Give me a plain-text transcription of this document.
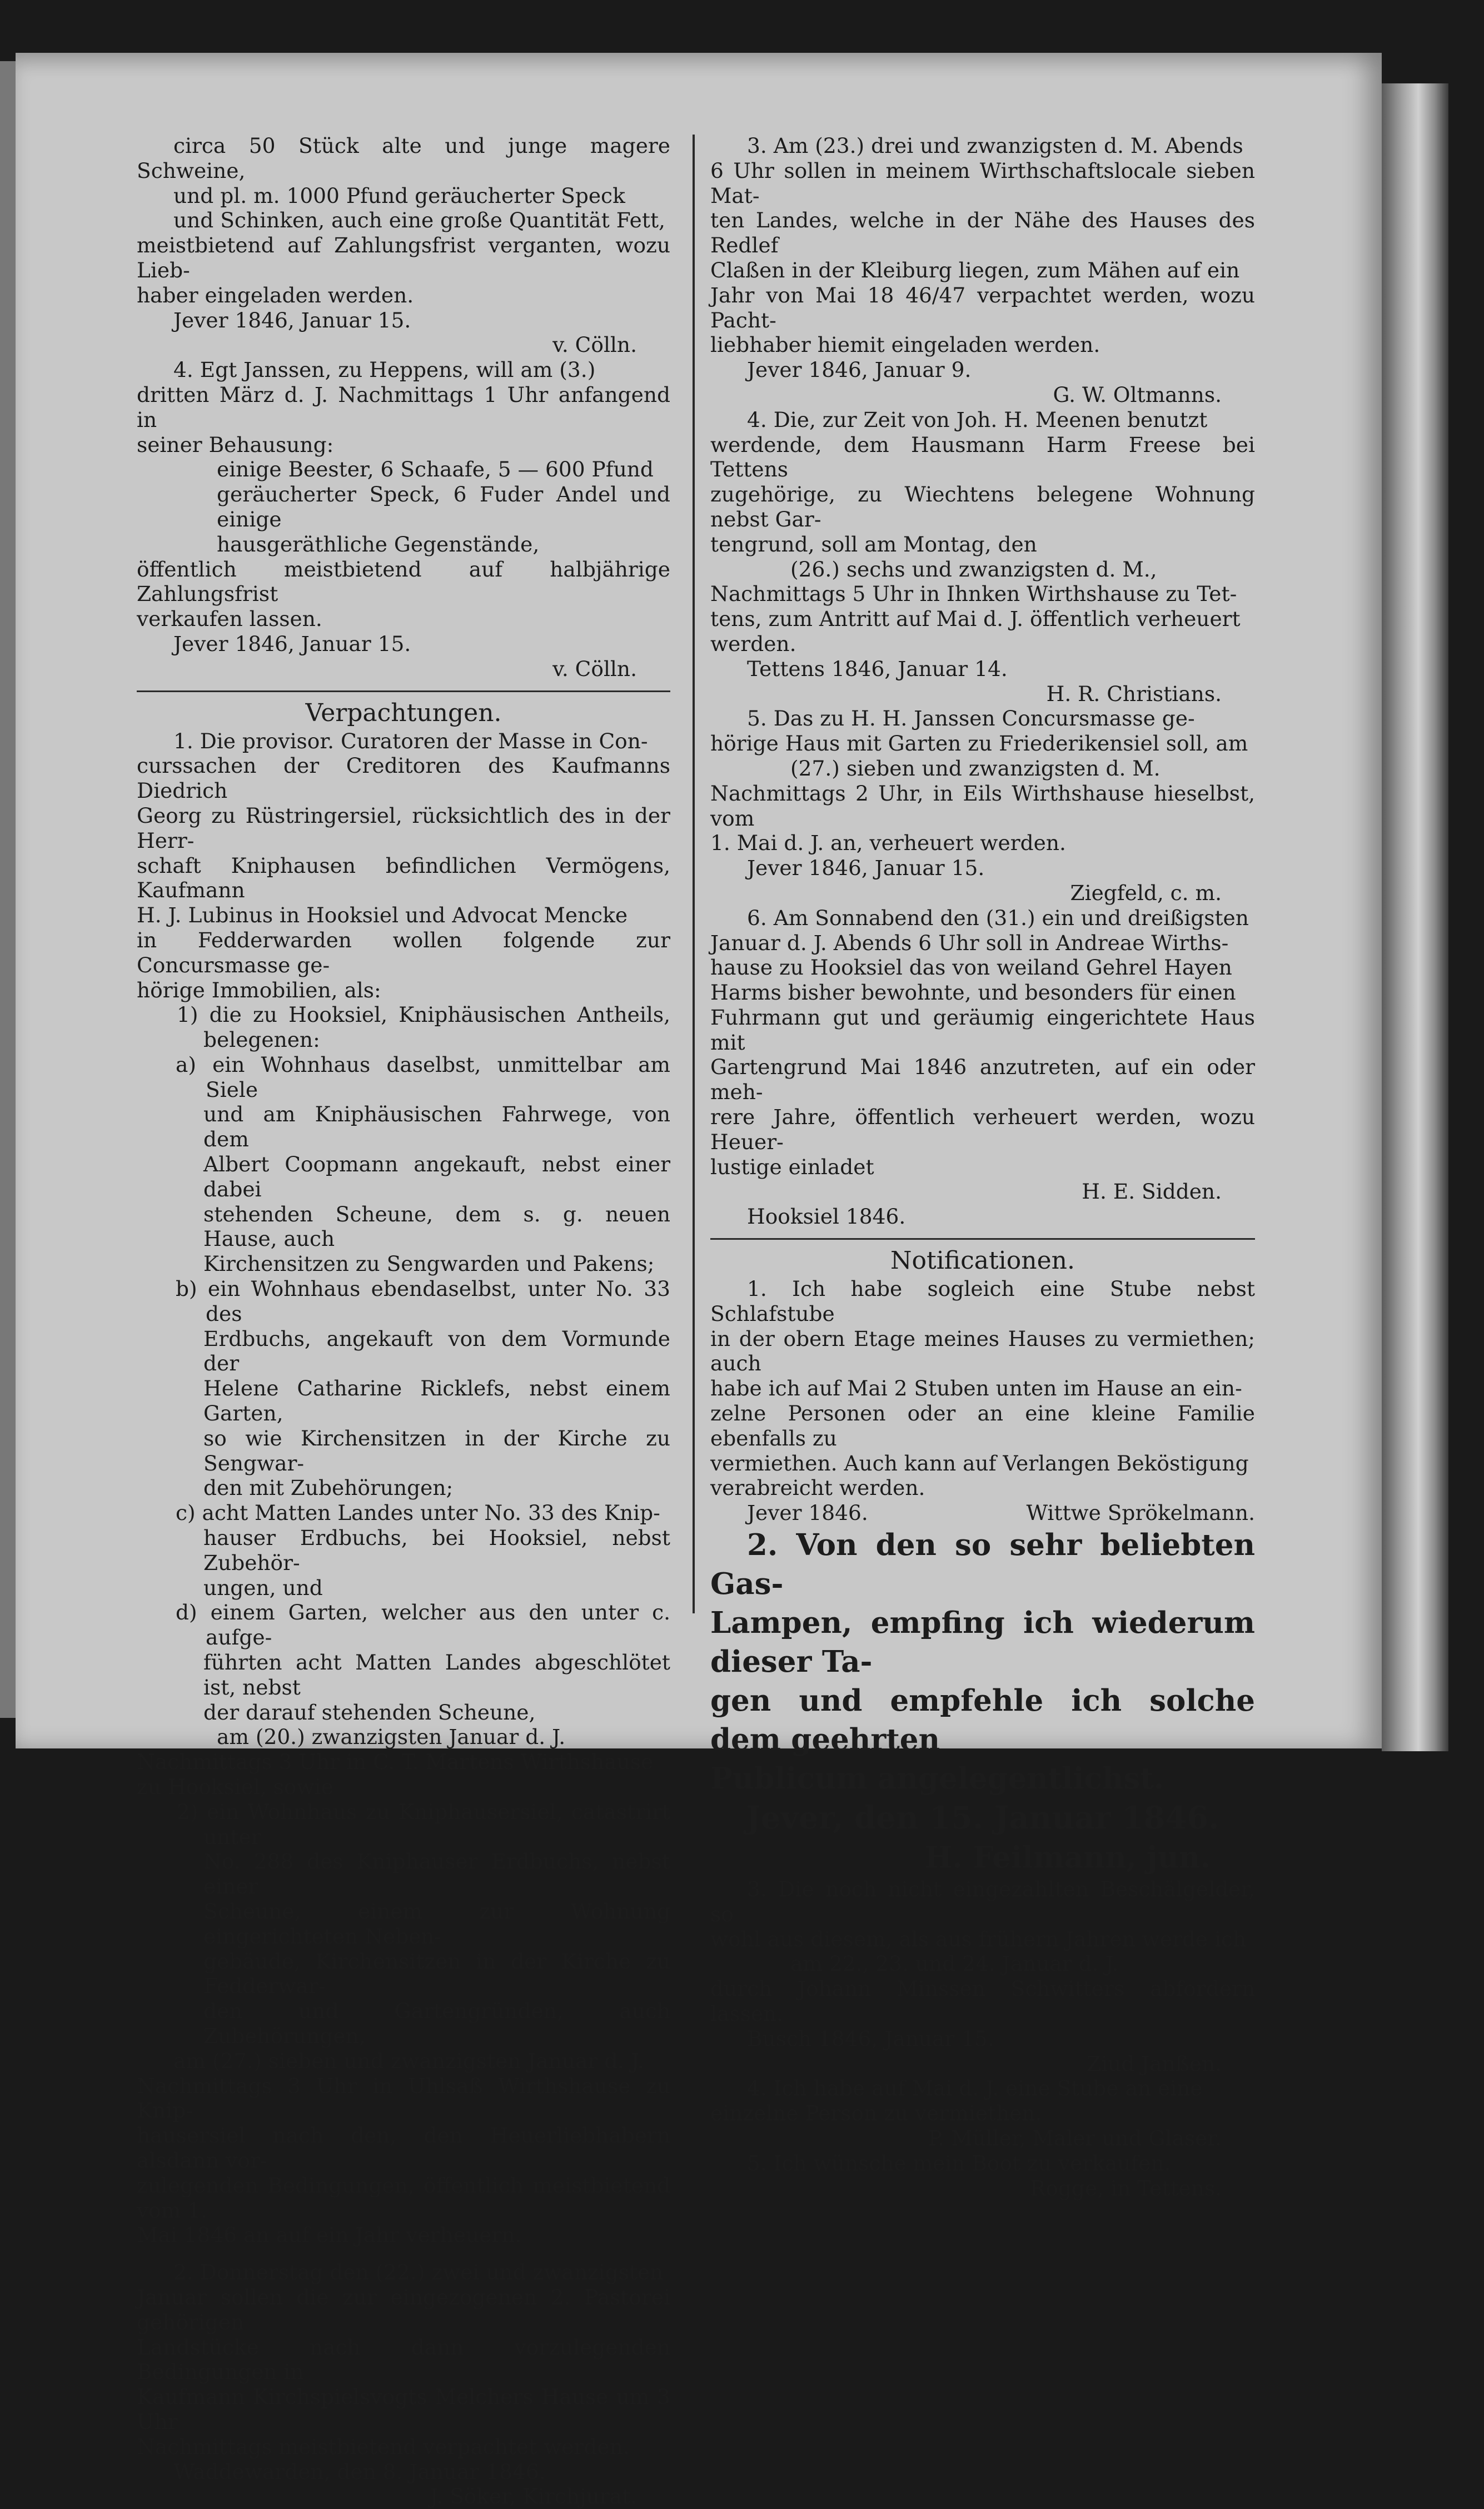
circa 50 Stück alte und junge magere Schweine,

und pl. m. 1000 Pfund geräucherter Speck

und Schinken, auch eine große Quantität Fett,

meistbietend auf Zahlungsfrist verganten, wozu Lieb-

haber eingeladen werden.

Jever 1846, Januar 15.

v. Cölln.

4. Egt Janssen, zu Heppens, will am (3.)

dritten März d. J. Nachmittags 1 Uhr anfangend in

seiner Behausung:

einige Beester, 6 Schaafe, 5 — 600 Pfund

geräucherter Speck, 6 Fuder Andel und einige

hausgeräthliche Gegenstände,

öffentlich meistbietend auf halbjährige Zahlungsfrist

verkaufen lassen.

Jever 1846, Januar 15.

v. Cölln.

Verpachtungen.

1. Die provisor. Curatoren der Masse in Con-

curssachen der Creditoren des Kaufmanns Diedrich

Georg zu Rüstringersiel, rücksichtlich des in der Herr-

schaft Kniphausen befindlichen Vermögens, Kaufmann

H. J. Lubinus in Hooksiel und Advocat Mencke

in Fedderwarden wollen folgende zur Concursmasse ge-

hörige Immobilien, als:

1) die zu Hooksiel, Kniphäusischen Antheils, belegenen:

a) ein Wohnhaus daselbst, unmittelbar am Siele

und am Kniphäusischen Fahrwege, von dem

Albert Coopmann angekauft, nebst einer dabei

stehenden Scheune, dem s. g. neuen Hause, auch

Kirchensitzen zu Sengwarden und Pakens;

b) ein Wohnhaus ebendaselbst, unter No. 33 des

Erdbuchs, angekauft von dem Vormunde der

Helene Catharine Ricklefs, nebst einem Garten,

so wie Kirchensitzen in der Kirche zu Sengwar-

den mit Zubehörungen;

c) acht Matten Landes unter No. 33 des Knip-

hauser Erdbuchs, bei Hooksiel, nebst Zubehör-

ungen, und

d) einem Garten, welcher aus den unter c. aufge-

führten acht Matten Landes abgeschlötet ist, nebst

der darauf stehenden Scheune,

am (20.) zwanzigsten Januar d. J.

Nachmittags 3 Uhr in C. T. Martens Wirthshause

zu Hooksiel, sowie

2) ein Wohnhaus zu Kniphausersiel, catastrirt unter

No. 288 des Kniphauser Erdbuchs, nebst einer

Scheune, einem zur Wohnung eingerichteten Neben-

gebäude, Kirchensitzen in der Kirche zu Fedderwar-

den und Gartengründen, auch Zubehörungen,

am (27.) sieben und zwanzigsten Januar d. J.

Nachmittags 3 Uhr in Uhlsaß Wirthshause zu Knip-

hausersiel nach den, den Heuerliebhabern alsdann vor-

zulegenden Bedingungen, öffentlich meistbietend vom 1.

Mai 1846 an auf ein Jahr verheuern.

2. Donnerstag den (22.) zwei und zwanzigsten

Januar sollen die zur eingezogenen 2. Pastorei gehörigen

Landstücke nach dann vorzulegenden Bedingungen in

Kaufmann Kirchspielsvogts Melchers Hause um 3 Uhr

Nachmittags meistbietend verpachtet werden.

Waddewarden, den 8. Januar 1846.

J. Söker, Kirchjurat.

3. Am (23.) drei und zwanzigsten d. M. Abends

6 Uhr sollen in meinem Wirthschaftslocale sieben Mat-

ten Landes, welche in der Nähe des Hauses des Redlef

Claßen in der Kleiburg liegen, zum Mähen auf ein

Jahr von Mai 18 46/47 verpachtet werden, wozu Pacht-

liebhaber hiemit eingeladen werden.

Jever 1846, Januar 9.

G. W. Oltmanns.

4. Die, zur Zeit von Joh. H. Meenen benutzt

werdende, dem Hausmann Harm Freese bei Tettens

zugehörige, zu Wiechtens belegene Wohnung nebst Gar-

tengrund, soll am Montag, den

(26.) sechs und zwanzigsten d. M.,

Nachmittags 5 Uhr in Ihnken Wirthshause zu Tet-

tens, zum Antritt auf Mai d. J. öffentlich verheuert

werden.

Tettens 1846, Januar 14.

H. R. Christians.

5. Das zu H. H. Janssen Concursmasse ge-

hörige Haus mit Garten zu Friederikensiel soll, am

(27.) sieben und zwanzigsten d. M.

Nachmittags 2 Uhr, in Eils Wirthshause hieselbst, vom

1. Mai d. J. an, verheuert werden.

Jever 1846, Januar 15.

Ziegfeld, c. m.

6. Am Sonnabend den (31.) ein und dreißigsten

Januar d. J. Abends 6 Uhr soll in Andreae Wirths-

hause zu Hooksiel das von weiland Gehrel Hayen

Harms bisher bewohnte, und besonders für einen

Fuhrmann gut und geräumig eingerichtete Haus mit

Gartengrund Mai 1846 anzutreten, auf ein oder meh-

rere Jahre, öffentlich verheuert werden, wozu Heuer-

lustige einladet

H. E. Sidden.

Hooksiel 1846.

Notificationen.

1. Ich habe sogleich eine Stube nebst Schlafstube

in der obern Etage meines Hauses zu vermiethen; auch

habe ich auf Mai 2 Stuben unten im Hause an ein-

zelne Personen oder an eine kleine Familie ebenfalls zu

vermiethen. Auch kann auf Verlangen Beköstigung

verabreicht werden.

Jever 1846.	Wittwe Sprökelmann.

2. Von den so sehr beliebten Gas-

Lampen, empfing ich wiederum dieser Ta-

gen und empfehle ich solche dem geehrten

Publicum angelegentlichst.

Jever, den 15. Januar 1846.

H. Feilmann, jun.

3. Die noch nicht eingezahlten Beschälgelder, so

wohl aus diesem, als aus frühern Jahren werde ich

am 22., 23. und 24. Januar d. J.

durch Johann Minssen Schwitters abfordern lassen.

Busch 1846, Januar 15.

Ziud Janßen.

4. Ich habe auf Mai d. J. eine Stube an eine

einzelne Person zu vermiethen.

P. Müller, Maler und Glaser.

5. Ich wünsche mein Boot zu verkaufen.

Rogge, in Tettens.
